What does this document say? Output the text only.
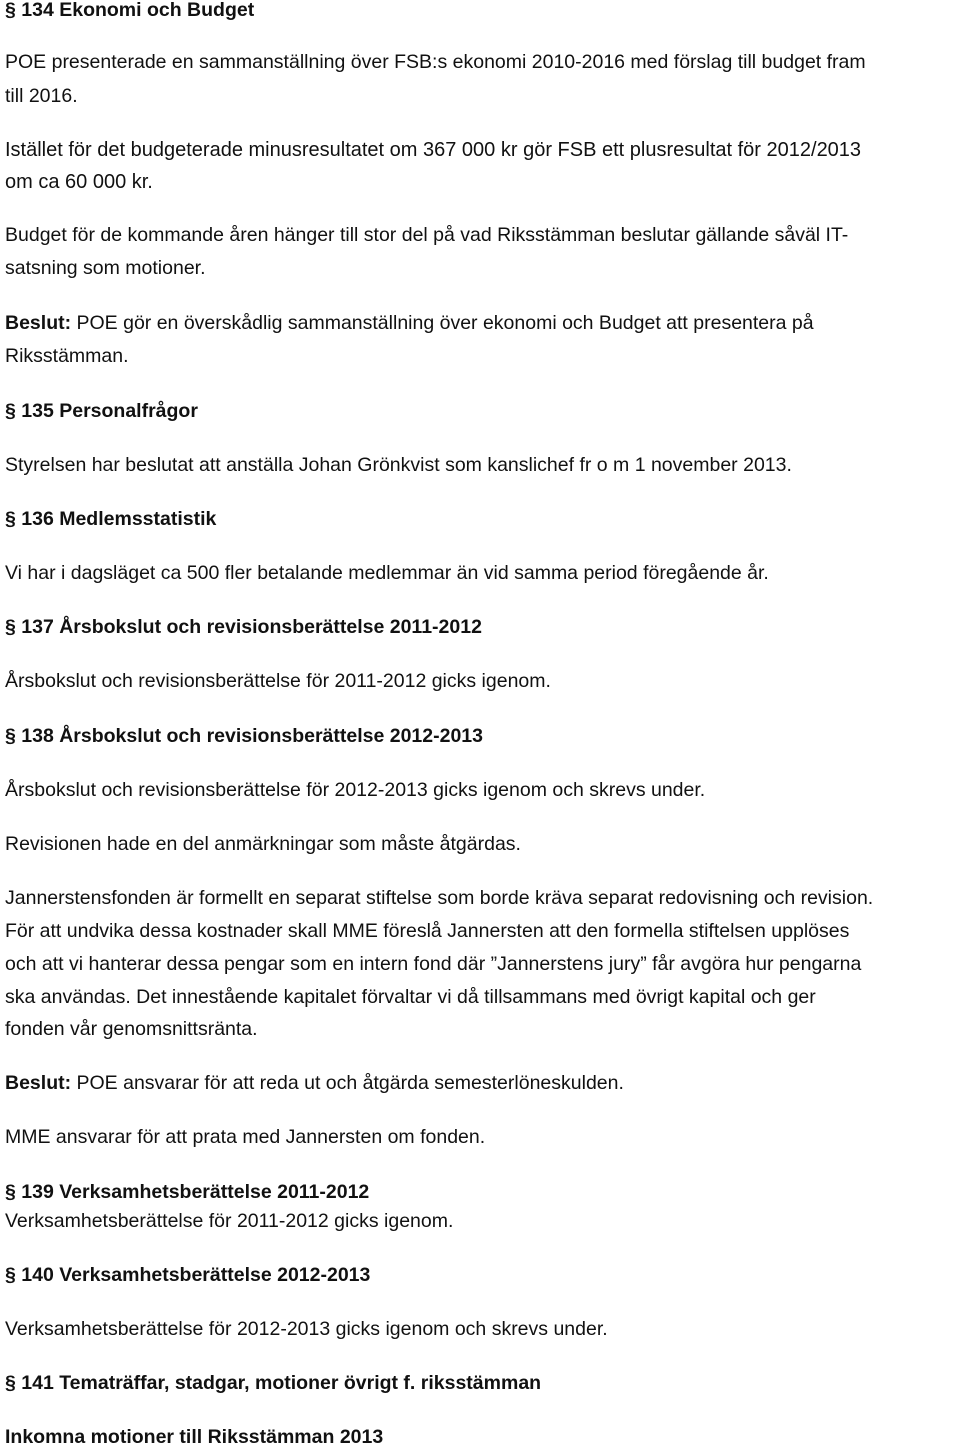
§ 134 Ekonomi och Budget

POE presenterade en sammanställning över FSB:s ekonomi 2010-2016 med förslag till budget fram

till 2016.

Istället för det budgeterade minusresultatet om 367 000 kr gör FSB ett plusresultat för 2012/2013

om ca 60 000 kr.

Budget för de kommande åren hänger till stor del på vad Riksstämman beslutar gällande såväl IT-

satsning som motioner.

Beslut: POE gör en överskådlig sammanställning över ekonomi och Budget att presentera på

Riksstämman.

§ 135 Personalfrågor

Styrelsen har beslutat att anställa Johan Grönkvist som kanslichef fr o m 1 november 2013.

§ 136 Medlemsstatistik

Vi har i dagsläget ca 500 fler betalande medlemmar än vid samma period föregående år.

§ 137 Årsbokslut och revisionsberättelse 2011-2012

Årsbokslut och revisionsberättelse för 2011-2012 gicks igenom.

§ 138 Årsbokslut och revisionsberättelse 2012-2013

Årsbokslut och revisionsberättelse för 2012-2013 gicks igenom och skrevs under.

Revisionen hade en del anmärkningar som måste åtgärdas.

Jannerstensfonden är formellt en separat stiftelse som borde kräva separat redovisning och revision.

För att undvika dessa kostnader skall MME föreslå Jannersten att den formella stiftelsen upplöses

och att vi hanterar dessa pengar som en intern fond där ”Jannerstens jury” får avgöra hur pengarna

ska användas. Det innestående kapitalet förvaltar vi då tillsammans med övrigt kapital och ger

fonden vår genomsnittsränta.

Beslut: POE ansvarar för att reda ut och åtgärda semesterlöneskulden.

MME ansvarar för att prata med Jannersten om fonden.

§ 139 Verksamhetsberättelse 2011-2012

Verksamhetsberättelse för 2011-2012 gicks igenom.

§ 140 Verksamhetsberättelse 2012-2013

Verksamhetsberättelse för 2012-2013 gicks igenom och skrevs under.

§ 141 Tematräffar, stadgar, motioner övrigt f. riksstämman

Inkomna motioner till Riksstämman 2013
